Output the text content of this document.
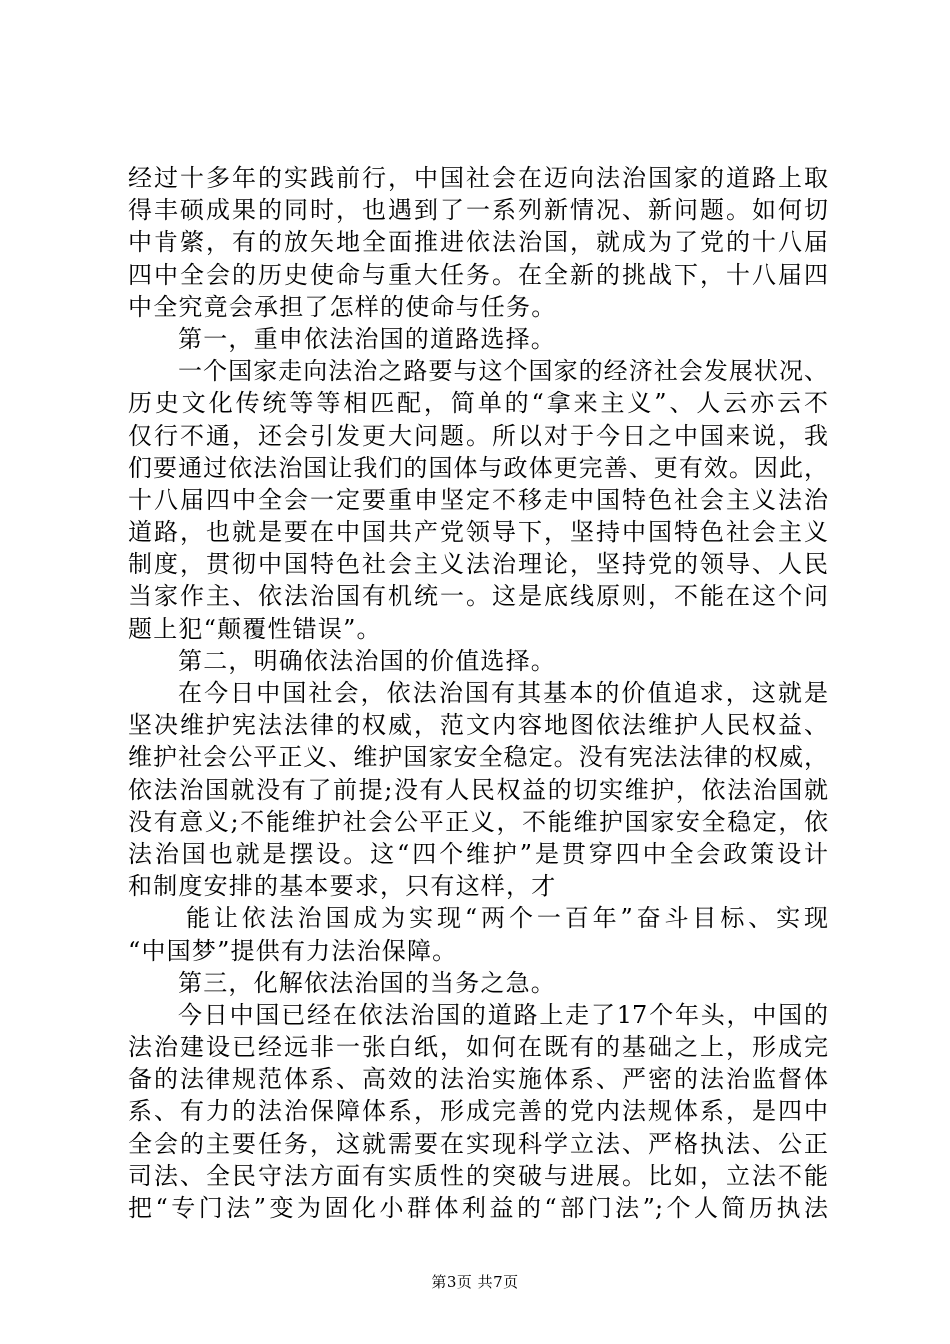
经过十多年的实践前行，中国社会在迈向法治国家的道路上取
得丰硕成果的同时，也遇到了一系列新情况、新问题。如何切
中肯綮，有的放矢地全面推进依法治国，就成为了党的十八届
四中全会的历史使命与重大任务。在全新的挑战下，十八届四
中全究竟会承担了怎样的使命与任务。
第一，重申依法治国的道路选择。
一个国家走向法治之路要与这个国家的经济社会发展状况、
历史文化传统等等相匹配，简单的“拿来主义”、人云亦云不
仅行不通，还会引发更大问题。所以对于今日之中国来说，我
们要通过依法治国让我们的国体与政体更完善、更有效。因此，
十八届四中全会一定要重申坚定不移走中国特色社会主义法治
道路，也就是要在中国共产党领导下，坚持中国特色社会主义
制度，贯彻中国特色社会主义法治理论，坚持党的领导、人民
当家作主、依法治国有机统一。这是底线原则，不能在这个问
题上犯“颠覆性错误”。
第二，明确依法治国的价值选择。
在今日中国社会，依法治国有其基本的价值追求，这就是
坚决维护宪法法律的权威，范文内容地图依法维护人民权益、
维护社会公平正义、维护国家安全稳定。没有宪法法律的权威，
依法治国就没有了前提;没有人民权益的切实维护，依法治国就
没有意义;不能维护社会公平正义，不能维护国家安全稳定，依
法治国也就是摆设。这“四个维护”是贯穿四中全会政策设计
和制度安排的基本要求，只有这样，才
能让依法治国成为实现“两个一百年”奋斗目标、实现
“中国梦”提供有力法治保障。
第三，化解依法治国的当务之急。
今日中国已经在依法治国的道路上走了17个年头，中国的
法治建设已经远非一张白纸，如何在既有的基础之上，形成完
备的法律规范体系、高效的法治实施体系、严密的法治监督体
系、有力的法治保障体系，形成完善的党内法规体系，是四中
全会的主要任务，这就需要在实现科学立法、严格执法、公正
司法、全民守法方面有实质性的突破与进展。比如，立法不能
把“专门法”变为固化小群体利益的“部门法”;个人简历执法
第3页 共7页
